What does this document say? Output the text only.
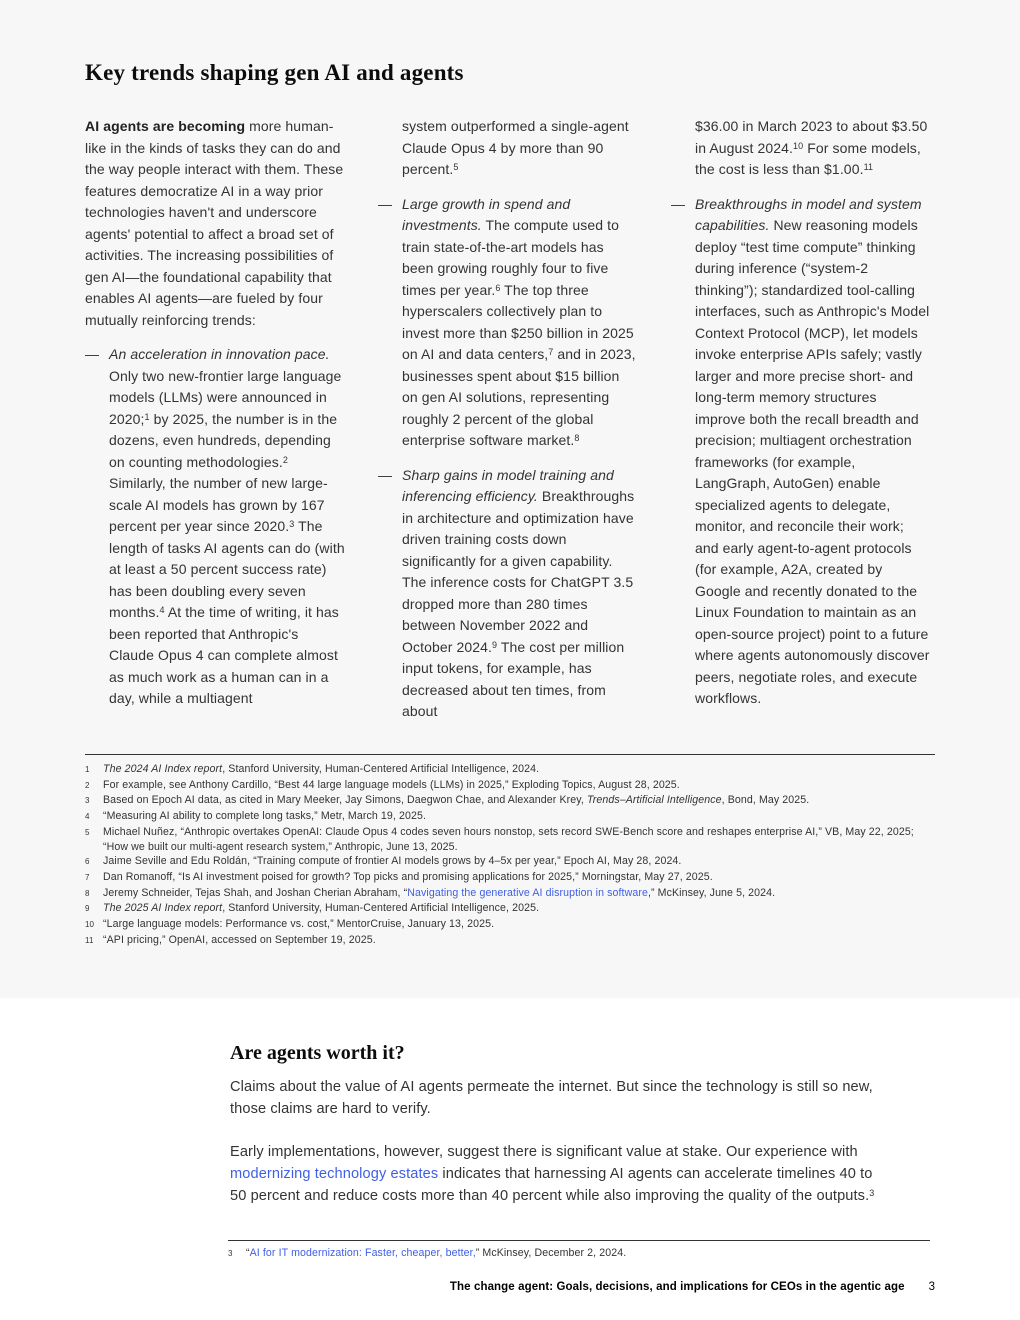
Key trends shaping gen AI and agents

AI agents are becoming more human-like in the kinds of tasks they can do and the way people interact with them. These features democratize AI in a way prior technologies haven't and underscore agents' potential to affect a broad set of activities. The increasing possibilities of gen AI—the foundational capability that enables AI agents—are fueled by four mutually reinforcing trends:

— An acceleration in innovation pace. Only two new-frontier large language models (LLMs) were announced in 2020;$^1$ by 2025, the number is in the dozens, even hundreds, depending on counting methodologies.$^2$ Similarly, the number of new large-scale AI models has grown by 167 percent per year since 2020.$^3$ The length of tasks AI agents can do (with at least a 50 percent success rate) has been doubling every seven months.$^4$ At the time of writing, it has been reported that Anthropic's Claude Opus 4 can complete almost as much work as a human can in a day, while a multiagent
system outperformed a single-agent Claude Opus 4 by more than 90 percent.$^5$
— Large growth in spend and investments. The compute used to train state-of-the-art models has been growing roughly four to five times per year.$^6$ The top three hyperscalers collectively plan to invest more than $250 billion in 2025 on AI and data centers,$^7$ and in 2023, businesses spent about $15 billion on gen AI solutions, representing roughly 2 percent of the global enterprise software market.$^8$
— Sharp gains in model training and inferencing efficiency. Breakthroughs in architecture and optimization have driven training costs down significantly for a given capability. The inference costs for ChatGPT 3.5 dropped more than 280 times between November 2022 and October 2024.$^9$ The cost per million input tokens, for example, has decreased about ten times, from about
$36.00 in March 2023 to about $3.50 in August 2024.10 For some models, the cost is less than $1.00.11
— Breakthroughs in model and system capabilities. New reasoning models deploy “test time compute” thinking during inference (“system-2 thinking”); standardized tool-calling interfaces, such as Anthropic's Model Context Protocol (MCP), let models invoke enterprise APIs safely; vastly larger and more precise short- and long-term memory structures improve both the recall breadth and precision; multiagent orchestration frameworks (for example, LangGraph, AutoGen) enable specialized agents to delegate, monitor, and reconcile their work; and early agent-to-agent protocols (for example, A2A, created by Google and recently donated to the Linux Foundation to maintain as an open-source project) point to a future where agents autonomously discover peers, negotiate roles, and execute workflows.
1	The 2024 AI Index report, Stanford University, Human-Centered Artificial Intelligence, 2024.
2	For example, see Anthony Cardillo, “Best 44 large language models (LLMs) in 2025,” Exploding Topics, August 28, 2025.
3	Based on Epoch AI data, as cited in Mary Meeker, Jay Simons, Daegwon Chae, and Alexander Krey, Trends–Artificial Intelligence, Bond, May 2025.
4	“Measuring AI ability to complete long tasks,” Metr, March 19, 2025.
5	Michael Nuñez, “Anthropic overtakes OpenAI: Claude Opus 4 codes seven hours nonstop, sets record SWE-Bench score and reshapes enterprise AI,” VB, May 22, 2025; “How we built our multi-agent research system,” Anthropic, June 13, 2025.
6	Jaime Seville and Edu Roldán, “Training compute of frontier AI models grows by 4–5x per year,” Epoch AI, May 28, 2024.
7	Dan Romanoff, “Is AI investment poised for growth? Top picks and promising applications for 2025,” Morningstar, May 27, 2025.
8	Jeremy Schneider, Tejas Shah, and Joshan Cherian Abraham, “Navigating the generative AI disruption in software,” McKinsey, June 5, 2024.
9	The 2025 AI Index report, Stanford University, Human-Centered Artificial Intelligence, 2025.
10 “Large language models: Performance vs. cost,” MentorCruise, January 13, 2025.
11 “API pricing,” OpenAI, accessed on September 19, 2025.
Are agents worth it?

Claims about the value of AI agents permeate the internet. But since the technology is still so new, those claims are hard to verify.

Early implementations, however, suggest there is significant value at stake. Our experience with modernizing technology estates indicates that harnessing AI agents can accelerate timelines 40 to 50 percent and reduce costs more than 40 percent while also improving the quality of the outputs.$^3$

3	“AI for IT modernization: Faster, cheaper, better,” McKinsey, December 2, 2024.
The change agent: Goals, decisions, and implications for CEOs in the agentic age 3
